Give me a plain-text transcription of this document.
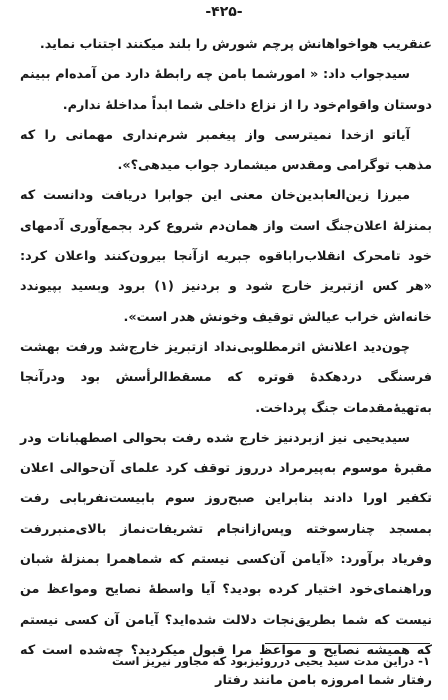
-۴۲۵-

عنقریب هواخواهانش پرچم شورش را بلند میکنند اجتناب نماید.

سیدجواب داد: « امورشما بامن چه رابطهٔ دارد من آمده‌ام ببینم دوستان واقوام‌خود را از نزاع داخلی شما ابداً مداخلهٔ ندارم.

آیاتو ازخدا نمیترسی واز پیغمبر شرم‌نداری مهمانی را که مذهب توگرامی ومقدس میشمارد جواب میدهی؟».

میرزا زین‌العابدین‌خان معنی این جوابرا دریافت ودانست که بمنزلهٔ اعلان‌جنگ است واز همان‌دم شروع کرد بجمع‌آوری آدمهای خود تامحرک انقلاب‌راباقوه جبریه ازآنجا بیرون‌کنند واعلان کرد: «هر کس ازتبریز خارج شود و بردنیز (۱) برود وبسید بپیوندد خانه‌اش خراب عیالش توقیف وخونش هدر است».

چون‌دید اعلانش اثرمطلوبی‌نداد ازتبریز خارج‌شد ورفت بهشت فرسنگی دردهکدهٔ قوتره که مسقط‌الرأسش بود ودرآنجا به‌تهیهٔ‌مقدمات جنگ پرداخت.

سیدیحیی نیز ازبردنیز خارج شده رفت بحوالی اصطهبانات ودر مقبرهٔ موسوم به‌پیرمراد درروز توقف کرد علمای آن‌حوالی اعلان تکفیر اورا دادند بنابراین صبح‌روز سوم بابیست‌نفربابی رفت بمسجد چنارسوخته وپس‌ازانجام تشریفات‌نماز بالای‌منبررفت وفریاد برآورد: «آیامن آن‌کسی نیستم که شماهمرا بمنزلهٔ شبان وراهنمای‌خود اختیار کرده بودید؟ آیا واسطهٔ نصایح ومواعظ من نیست که شما بطریق‌نجات دلالت شده‌اید؟ آیامن آن کسی نیستم که همیشه نصایح و مواعظ مرا قبول میکردید؟ چه‌شده است که رفتار شما امروزه بامن مانند رفتار

۱- دراین مدت سید یحیی درروئیزبود که مجاور نیریز است
